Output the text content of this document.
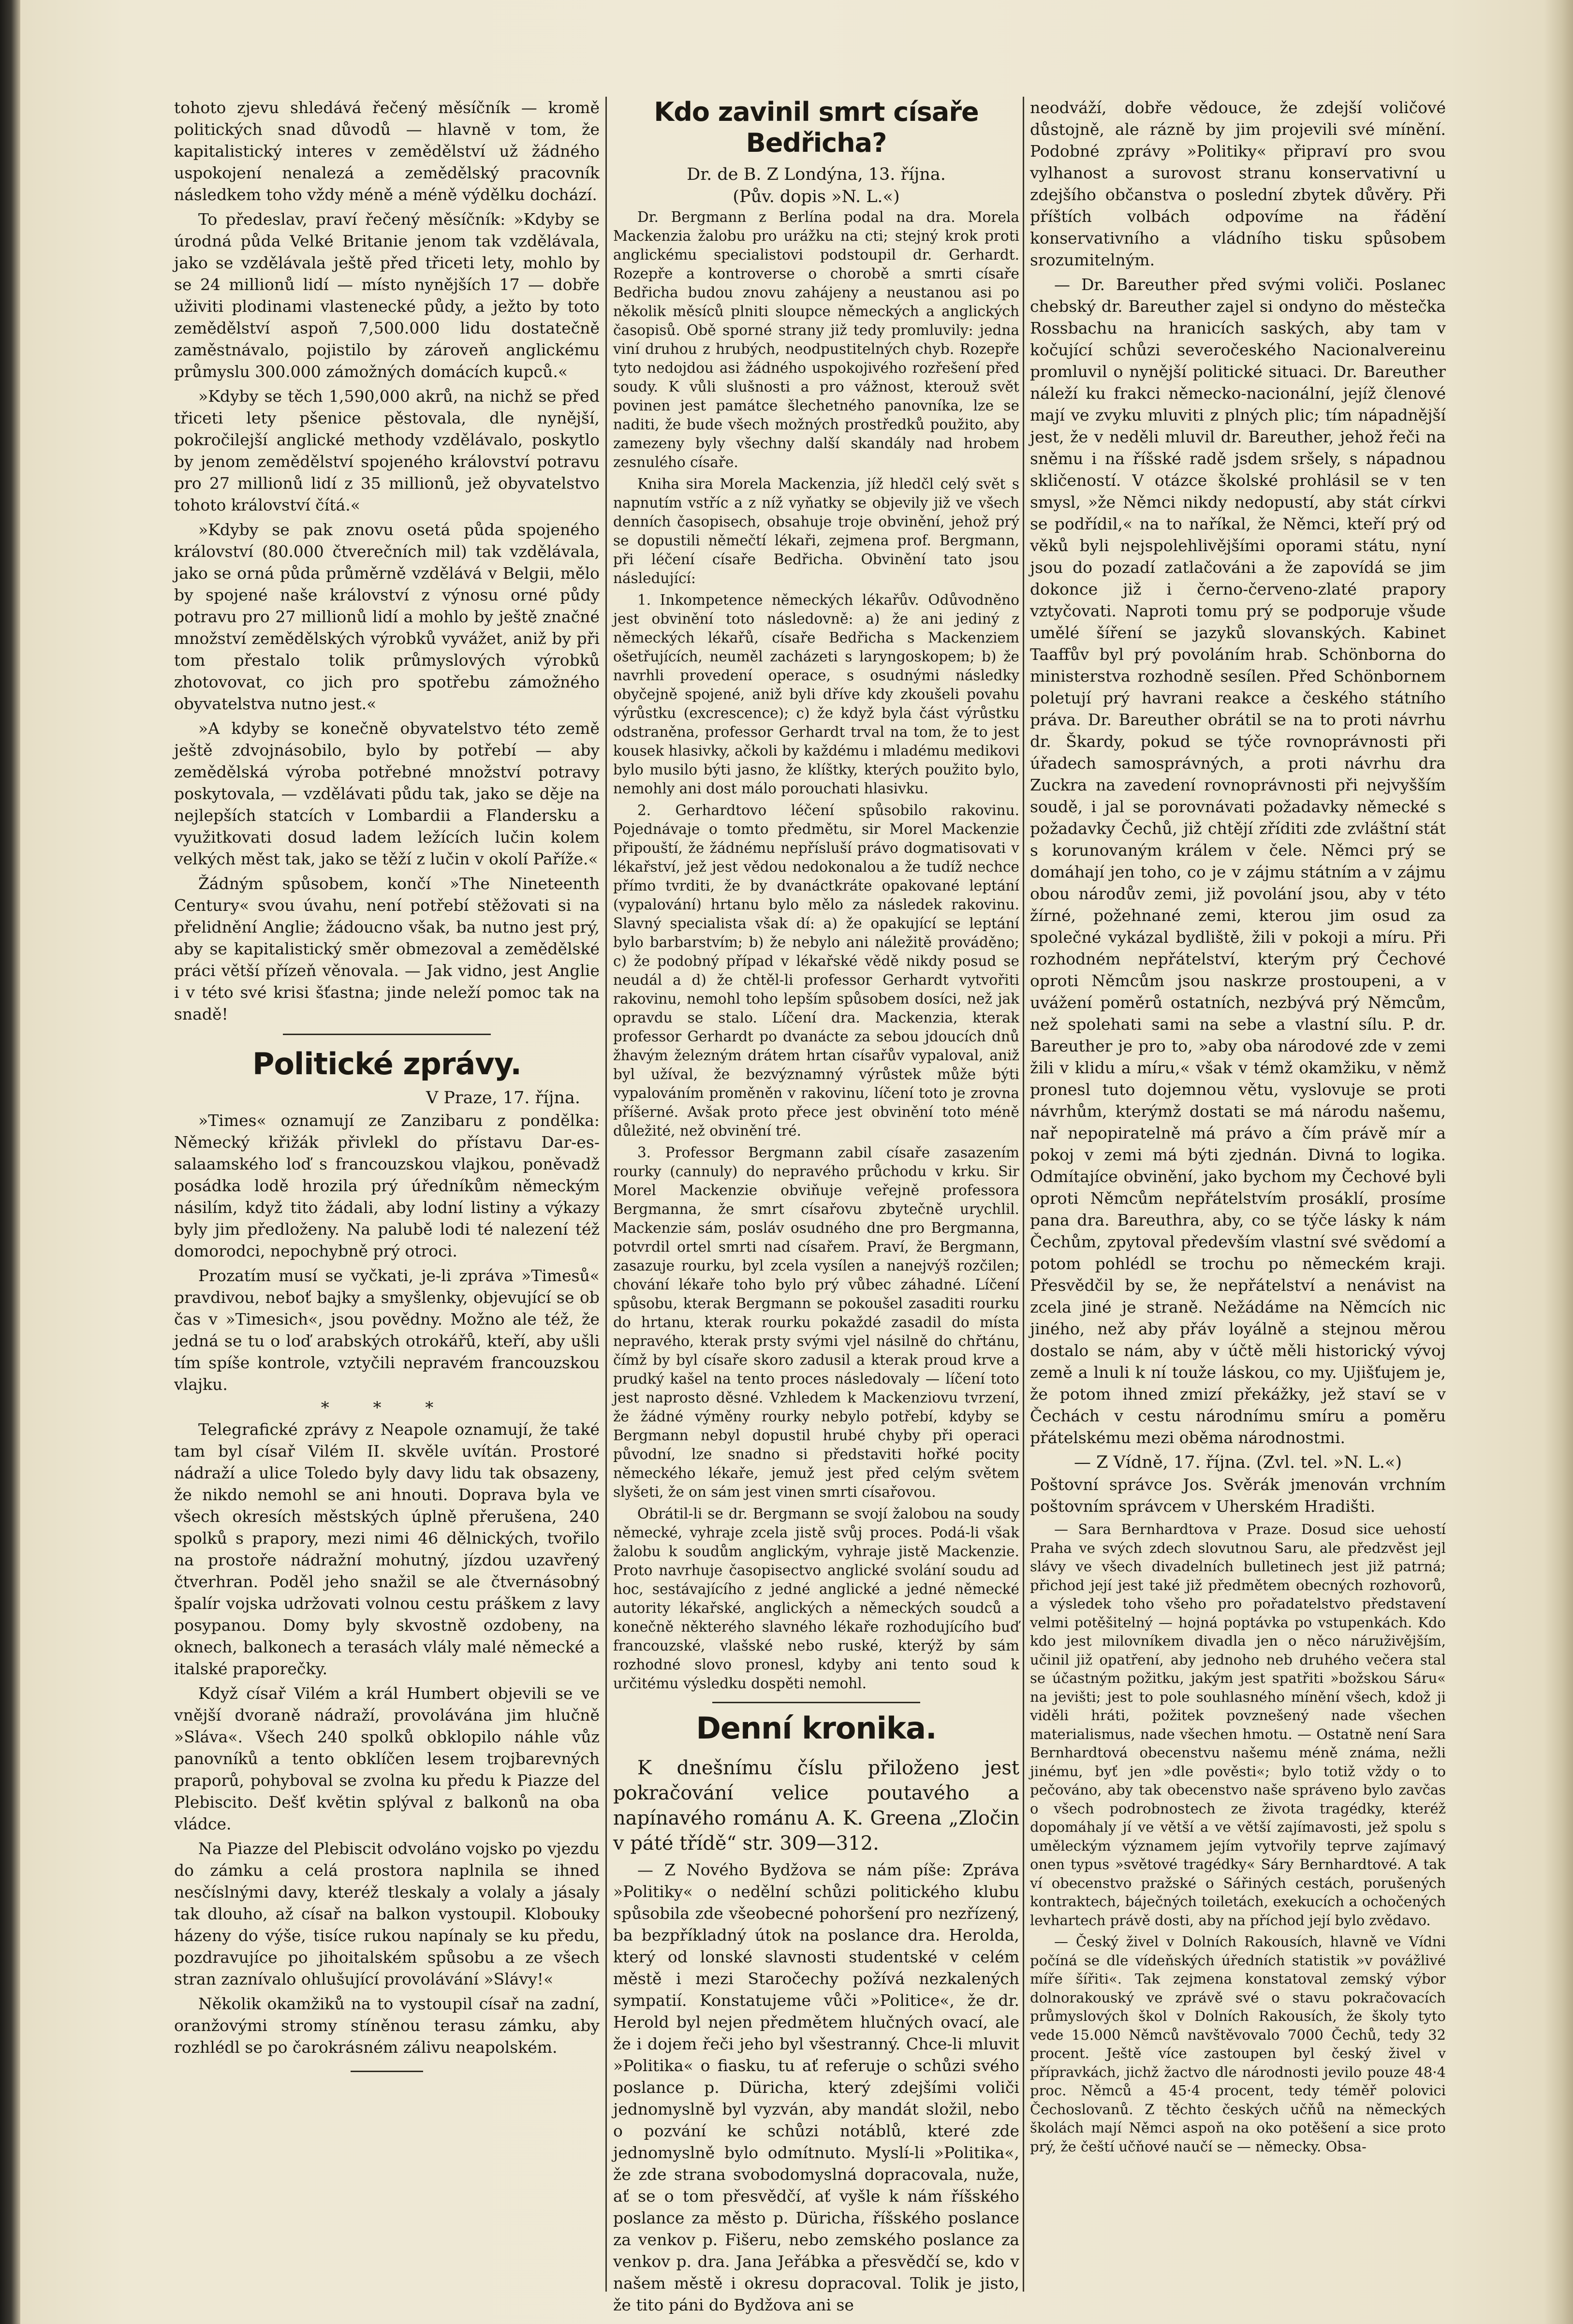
tohoto zjevu shledává řečený měsíčník — kromě politických snad důvodů — hlavně v tom, že kapitalistický interes v zemědělství už žádného uspokojení nenalezá a zemědělský pracovník následkem toho vždy méně a méně výdělku dochází.

To předeslav, praví řečený měsíčník: »Kdyby se úrodná půda Velké Britanie jenom tak vzdělávala, jako se vzdělávala ještě před třiceti lety, mohlo by se 24 millionů lidí — místo nynějších 17 — dobře uživiti plodinami vlastenecké půdy, a ježto by toto zemědělství aspoň 7,500.000 lidu dostatečně zaměstnávalo, pojistilo by zároveň anglickému průmyslu 300.000 zámožných domácích kupců.«

»Kdyby se těch 1,590,000 akrů, na nichž se před třiceti lety pšenice pěstovala, dle nynější, pokročilejší anglické methody vzdělávalo, poskytlo by jenom zemědělství spojeného království potravu pro 27 millionů lidí z 35 millionů, jež obyvatelstvo tohoto království čítá.«

»Kdyby se pak znovu osetá půda spojeného království (80.000 čtverečních mil) tak vzdělávala, jako se orná půda průměrně vzdělává v Belgii, mělo by spojené naše království z výnosu orné půdy potravu pro 27 millionů lidí a mohlo by ještě značné množství zemědělských výrobků vyvážet, aniž by při tom přestalo tolik průmyslových výrobků zhotovovat, co jich pro spotřebu zámožného obyvatelstva nutno jest.«

»A kdyby se konečně obyvatelstvo této země ještě zdvojnásobilo, bylo by potřebí — aby zemědělská výroba potřebné množství potravy poskytovala, — vzdělávati půdu tak, jako se děje na nejlepších statcích v Lombardii a Flandersku a využitkovati dosud ladem ležících lučin kolem velkých měst tak, jako se těží z lučin v okolí Paříže.«

Žádným spůsobem, končí »The Nineteenth Century« svou úvahu, není potřebí stěžovati si na přelidnění Anglie; žádoucno však, ba nutno jest prý, aby se kapitalistický směr obmezoval a zemědělské práci větší přízeň věnovala. — Jak vidno, jest Anglie i v této své krisi šťastna; jinde neleží pomoc tak na snadě!

Politické zprávy.
V Praze, 17. října.

»Times« oznamují ze Zanzibaru z pondělka: Německý křižák přivlekl do přístavu Dar-es-salaamského loď s francouzskou vlajkou, poněvadž posádka lodě hrozila prý úředníkům německým násilím, když tito žádali, aby lodní listiny a výkazy byly jim předloženy. Na palubě lodi té nalezení též domorodci, nepochybně prý otroci.

Prozatím musí se vyčkati, je-li zpráva »Timesů« pravdivou, neboť bajky a smyšlenky, objevující se ob čas v »Timesich«, jsou povědny. Možno ale též, že jedná se tu o loď arabských otrokářů, kteří, aby ušli tím spíše kontrole, vztyčili nepravém francouzskou vlajku.

* * *

Telegrafické zprávy z Neapole oznamují, že také tam byl císař Vilém II. skvěle uvítán. Prostoré nádraží a ulice Toledo byly davy lidu tak obsazeny, že nikdo nemohl se ani hnouti. Doprava byla ve všech okresích městských úplně přerušena, 240 spolků s prapory, mezi nimi 46 dělnických, tvořilo na prostoře nádražní mohutný, jízdou uzavřený čtverhran. Poděl jeho snažil se ale čtvernásobný špalír vojska udržovati volnou cestu práškem z lavy posypanou. Domy byly skvostně ozdobeny, na oknech, balkonech a terasách vlály malé německé a italské praporečky.

Když císař Vilém a král Humbert objevili se ve vnější dvoraně nádraží, provolávána jim hlučně »Sláva«. Všech 240 spolků obklopilo náhle vůz panovníků a tento obklíčen lesem trojbarevných praporů, pohyboval se zvolna ku předu k Piazze del Plebiscito. Dešť květin splýval z balkonů na oba vládce.

Na Piazze del Plebiscit odvoláno vojsko po vjezdu do zámku a celá prostora naplnila se ihned nesčíslnými davy, kteréž tleskaly a volaly a jásaly tak dlouho, až císař na balkon vystoupil. Klobouky házeny do výše, tisíce rukou napínaly se ku předu, pozdravujíce po jihoitalském spůsobu a ze všech stran zaznívalo ohlušující provolávání »Slávy!«

Několik okamžiků na to vystoupil císař na zadní, oranžovými stromy stíněnou terasu zámku, aby rozhlédl se po čarokrásném zálivu neapolském.

Kdo zavinil smrt císaře Bedřicha?
Dr. de B. Z Londýna, 13. října.
(Pův. dopis »N. L.«)

Dr. Bergmann z Berlína podal na dra. Morela Mackenzia žalobu pro urážku na cti; stejný krok proti anglickému specialistovi podstoupil dr. Gerhardt. Rozepře a kontroverse o chorobě a smrti císaře Bedřicha budou znovu zahájeny a neustanou asi po několik měsíců plniti sloupce německých a anglických časopisů. Obě sporné strany již tedy promluvily: jedna viní druhou z hrubých, neodpustitelných chyb. Rozepře tyto nedojdou asi žádného uspokojivého rozřešení před soudy. K vůli slušnosti a pro vážnost, kterouž svět povinen jest památce šlechetného panovníka, lze se naditi, že bude všech možných prostředků použito, aby zamezeny byly všechny další skandály nad hrobem zesnulého císaře.

Kniha sira Morela Mackenzia, jíž hledčl celý svět s napnutím vstříc a z níž vyňatky se objevily již ve všech denních časopisech, obsahuje troje obvinění, jehož prý se dopustili němečtí lékaři, zejmena prof. Bergmann, při léčení císaře Bedřicha. Obvinění tato jsou následující:

1. Inkompetence německých lékařův. Odůvodněno jest obvinění toto následovně: a) že ani jediný z německých lékařů, císaře Bedřicha s Mackenziem ošetřujících, neuměl zacházeti s laryngoskopem; b) že navrhli provedení operace, s osudnými následky obyčejně spojené, aniž byli dříve kdy zkoušeli povahu výrůstku (excrescence); c) že když byla část výrůstku odstraněna, professor Gerhardt trval na tom, že to jest kousek hlasivky, ačkoli by každému i mladému medikovi bylo musilo býti jasno, že klíštky, kterých použito bylo, nemohly ani dost málo porouchati hlasivku.

2. Gerhardtovo léčení spůsobilo rakovinu. Pojednávaje o tomto předmětu, sir Morel Mackenzie připouští, že žádnému nepřísluší právo dogmatisovati v lékařství, jež jest vědou nedokonalou a že tudíž nechce přímo tvrditi, že by dvanáctkráte opakované leptání (vypalování) hrtanu bylo mělo za následek rakovinu. Slavný specialista však dí: a) že opakující se leptání bylo barbarstvím; b) že nebylo ani náležitě prováděno; c) že podobný případ v lékařské vědě nikdy posud se neudál a d) že chtěl-li professor Gerhardt vytvořiti rakovinu, nemohl toho lepším spůsobem dosíci, než jak opravdu se stalo. Líčení dra. Mackenzia, kterak professor Gerhardt po dvanácte za sebou jdoucích dnů žhavým železným drátem hrtan císařův vypaloval, aniž byl užíval, že bezvýznamný výrůstek může býti vypalováním proměněn v rakovinu, líčení toto je zrovna příšerné. Avšak proto přece jest obvinění toto méně důležité, než obvinění tré.

3. Professor Bergmann zabil císaře zasazením rourky (cannuly) do nepravého průchodu v krku. Sir Morel Mackenzie obviňuje veřejně professora Bergmanna, že smrt císařovu zbytečně urychlil. Mackenzie sám, posláv osudného dne pro Bergmanna, potvrdil ortel smrti nad císařem. Praví, že Bergmann, zasazuje rourku, byl zcela vysílen a nanejvýš rozčilen; chování lékaře toho bylo prý vůbec záhadné. Líčení spůsobu, kterak Bergmann se pokoušel zasaditi rourku do hrtanu, kterak rourku pokaždé zasadil do místa nepravého, kterak prsty svými vjel násilně do chřtánu, čímž by byl císaře skoro zadusil a kterak proud krve a prudký kašel na tento proces následovaly — líčení toto jest naprosto děsné. Vzhledem k Mackenziovu tvrzení, že žádné výměny rourky nebylo potřebí, kdyby se Bergmann nebyl dopustil hrubé chyby při operaci původní, lze snadno si představiti hořké pocity německého lékaře, jemuž jest před celým světem slyšeti, že on sám jest vinen smrti císařovou.

Obrátil-li se dr. Bergmann se svojí žalobou na soudy německé, vyhraje zcela jistě svůj proces. Podá-li však žalobu k soudům anglickým, vyhraje jistě Mackenzie. Proto navrhuje časopisectvo anglické svolání soudu ad hoc, sestávajícího z jedné anglické a jedné německé autority lékařské, anglických a německých soudců a konečně některého slavného lékaře rozhodujícího buď francouzské, vlašské nebo ruské, kterýž by sám rozhodné slovo pronesl, kdyby ani tento soud k určitému výsledku dospěti nemohl.

Denní kronika.

K dnešnímu číslu přiloženo jest pokračování velice poutavého a napínavého románu A. K. Greena „Zločin v páté třídě“ str. 309—312.

— Z Nového Bydžova se nám píše: Zpráva »Politiky« o nedělní schůzi politického klubu spůsobila zde všeobecné pohoršení pro nezřízený, ba bezpříkladný útok na poslance dra. Herolda, který od lonské slavnosti studentské v celém městě i mezi Staročechy požívá nezkalených sympatií. Konstatujeme vůči »Politice«, že dr. Herold byl nejen předmětem hlučných ovací, ale že i dojem řeči jeho byl všestranný. Chce-li mluvit »Politika« o fiasku, tu ať referuje o schůzi svého poslance p. Düricha, který zdejšími voliči jednomyslně byl vyzván, aby mandát složil, nebo o pozvání ke schůzi notáblů, které zde jednomyslně bylo odmítnuto. Myslí-li »Politika«, že zde strana svobodomyslná dopracovala, nuže, ať se o tom přesvědčí, ať vyšle k nám říšského poslance za město p. Düricha, říšského poslance za venkov p. Fišeru, nebo zemského poslance za venkov p. dra. Jana Jeřábka a přesvědčí se, kdo v našem městě i okresu dopracoval. Tolik je jisto, že tito páni do Bydžova ani se

neodváží, dobře vědouce, že zdejší voličové důstojně, ale rázně by jim projevili své mínění. Podobné zprávy »Politiky« připraví pro svou vylhanost a surovost stranu konservativní u zdejšího občanstva o poslední zbytek důvěry. Při příštích volbách odpovíme na řádění konservativního a vládního tisku spůsobem srozumitelným.

— Dr. Bareuther před svými voliči. Poslanec chebský dr. Bareuther zajel si ondyno do městečka Rossbachu na hranicích saských, aby tam v kočující schůzi severočeského Nacionalvereinu promluvil o nynější politické situaci. Dr. Bareuther náleží ku frakci německo-nacionální, jejíž členové mají ve zvyku mluviti z plných plic; tím nápadnější jest, že v neděli mluvil dr. Bareuther, jehož řeči na sněmu i na říšské radě jsdem sršely, s nápadnou skličeností. V otázce školské prohlásil se v ten smysl, »že Němci nikdy nedopustí, aby stát církvi se podřídil,« na to naříkal, že Němci, kteří prý od věků byli nejspolehlivějšími oporami státu, nyní jsou do pozadí zatlačováni a že zapovídá se jim dokonce již i černo-červeno-zlaté prapory vztyčovati. Naproti tomu prý se podporuje všude umělé šíření se jazyků slovanských. Kabinet Taaffův byl prý povoláním hrab. Schönborna do ministerstva rozhodně sesílen. Před Schönbornem poletují prý havrani reakce a českého státního práva. Dr. Bareuther obrátil se na to proti návrhu dr. Škardy, pokud se týče rovnoprávnosti při úřadech samosprávných, a proti návrhu dra Zuckra na zavedení rovnoprávnosti při nejvyšším soudě, i jal se porovnávati požadavky německé s požadavky Čechů, již chtějí zříditi zde zvláštní stát s korunovaným králem v čele. Němci prý se domáhají jen toho, co je v zájmu státním a v zájmu obou národův zemi, již povolání jsou, aby v této žírné, požehnané zemi, kterou jim osud za společné vykázal bydliště, žili v pokoji a míru. Při rozhodném nepřátelství, kterým prý Čechové oproti Němcům jsou naskrze prostoupeni, a v uvážení poměrů ostatních, nezbývá prý Němcům, než spolehati sami na sebe a vlastní sílu. P. dr. Bareuther je pro to, »aby oba národové zde v zemi žili v klidu a míru,« však v témž okamžiku, v němž pronesl tuto dojemnou větu, vyslovuje se proti návrhům, kterýmž dostati se má národu našemu, nař nepopiratelně má právo a čím právě mír a pokoj v zemi má býti zjednán. Divná to logika. Odmítajíce obvinění, jako bychom my Čechové byli oproti Němcům nepřátelstvím prosáklí, prosíme pana dra. Bareuthra, aby, co se týče lásky k nám Čechům, zpytoval především vlastní své svědomí a potom pohlédl se trochu po německém kraji. Přesvědčil by se, že nepřátelství a nenávist na zcela jiné je straně. Nežádáme na Němcích nic jiného, než aby přáv loyálně a stejnou měrou dostalo se nám, aby v účtě měli historický vývoj země a lnuli k ní touže láskou, co my. Ujišťujem je, že potom ihned zmizí překážky, jež staví se v Čechách v cestu národnímu smíru a poměru přátelskému mezi oběma národnostmi.

— Z Vídně, 17. října. (Zvl. tel. »N. L.«)

Poštovní správce Jos. Svěrák jmenován vrchním poštovním správcem v Uherském Hradišti.

— Sara Bernhardtova v Praze. Dosud sice uehostí Praha ve svých zdech slovutnou Saru, ale předzvěst jejl slávy ve všech divadelních bulletinech jest již patrná; přichod její jest také již předmětem obecných rozhovorů, a výsledek toho všeho pro pořadatelstvo představení velmi potěšitelný — hojná poptávka po vstupenkách. Kdo kdo jest milovníkem divadla jen o něco náruživějším, učinil již opatření, aby jednoho neb druhého večera stal se účastným požitku, jakým jest spatřiti »božskou Sáru« na jevišti; jest to pole souhlasného mínění všech, kdož ji viděli hráti, požitek povznešený nade všechen materialismus, nade všechen hmotu. — Ostatně není Sara Bernhardtová obecenstvu našemu méně známa, nežli jinému, byť jen »dle pověsti«; bylo totiž vždy o to pečováno, aby tak obecenstvo naše správeno bylo zavčas o všech podrobnostech ze života tragédky, kteréž dopomáhaly jí ve větší a ve větší zajímavosti, jež spolu s uměleckým významem jejím vytvořily teprve zajímavý onen typus »světové tragédky« Sáry Bernhardtové. A tak ví obecenstvo pražské o Sářiných cestách, porušených kontraktech, báječných toiletách, exekucích a ochočených levhartech právě dosti, aby na příchod její bylo zvědavo.

— Český živel v Dolních Rakousích, hlavně ve Vídni počíná se dle vídeňských úředních statistik »v povážlivé míře šířiti«. Tak zejmena konstatoval zemský výbor dolnorakouský ve zprávě své o stavu pokračovacích průmyslových škol v Dolních Rakousích, že školy tyto vede 15.000 Němců navštěvovalo 7000 Čechů, tedy 32 procent. Ještě více zastoupen byl český živel v přípravkách, jichž žactvo dle národnosti jevilo pouze 48·4 proc. Němců a 45·4 procent, tedy téměř polovici Čechoslovanů. Z těchto českých učňů na německých školách mají Němci aspoň na oko potěšení a sice proto prý, že čeští učňové naučí se — německy. Obsa-
